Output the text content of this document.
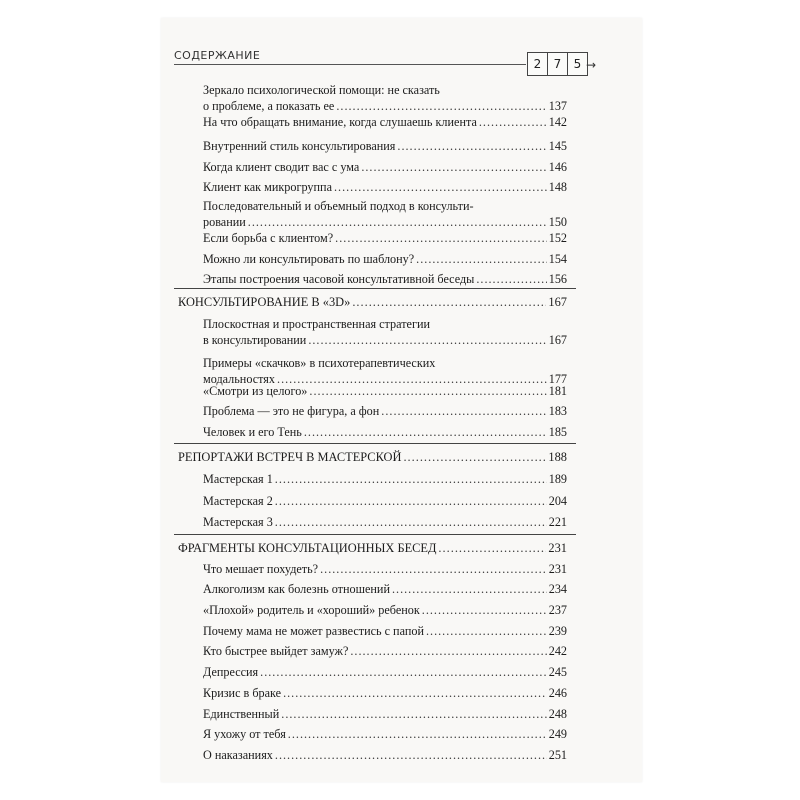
СОДЕРЖАНИЕ
2	7	5 →
Зеркало психологической помощи: не сказать
о проблеме, а показать ее .....	137
На что обращать внимание, когда слушаешь клиента .....	142
Внутренний стиль консультирования .....	145
Когда клиент сводит вас с ума .....	146
Клиент как микрогруппа .....	148
Последовательный и объемный подход в консульти-
ровании .....	150
Если борьба с клиентом? .....	152
Можно ли консультировать по шаблону? .....	154
Этапы построения часовой консультативной беседы .....	156
КОНСУЛЬТИРОВАНИЕ В «3D» .....	167
Плоскостная и пространственная стратегии
в консультировании .....	167
Примеры «скачков» в психотерапевтических
модальностях .....	177
«Смотри из целого» .....	181
Проблема — это не фигура, а фон .....	183
Человек и его Тень .....	185
РЕПОРТАЖИ ВСТРЕЧ В МАСТЕРСКОЙ .....	188
Мастерская 1 .....	189
Мастерская 2 .....	204
Мастерская 3 .....	221
ФРАГМЕНТЫ КОНСУЛЬТАЦИОННЫХ БЕСЕД .....	231
Что мешает похудеть? .....	231
Алкоголизм как болезнь отношений .....	234
«Плохой» родитель и «хороший» ребенок .....	237
Почему мама не может развестись с папой .....	239
Кто быстрее выйдет замуж? .....	242
Депрессия .....	245
Кризис в браке .....	246
Единственный .....	248
Я ухожу от тебя .....	249
О наказаниях .....	251
